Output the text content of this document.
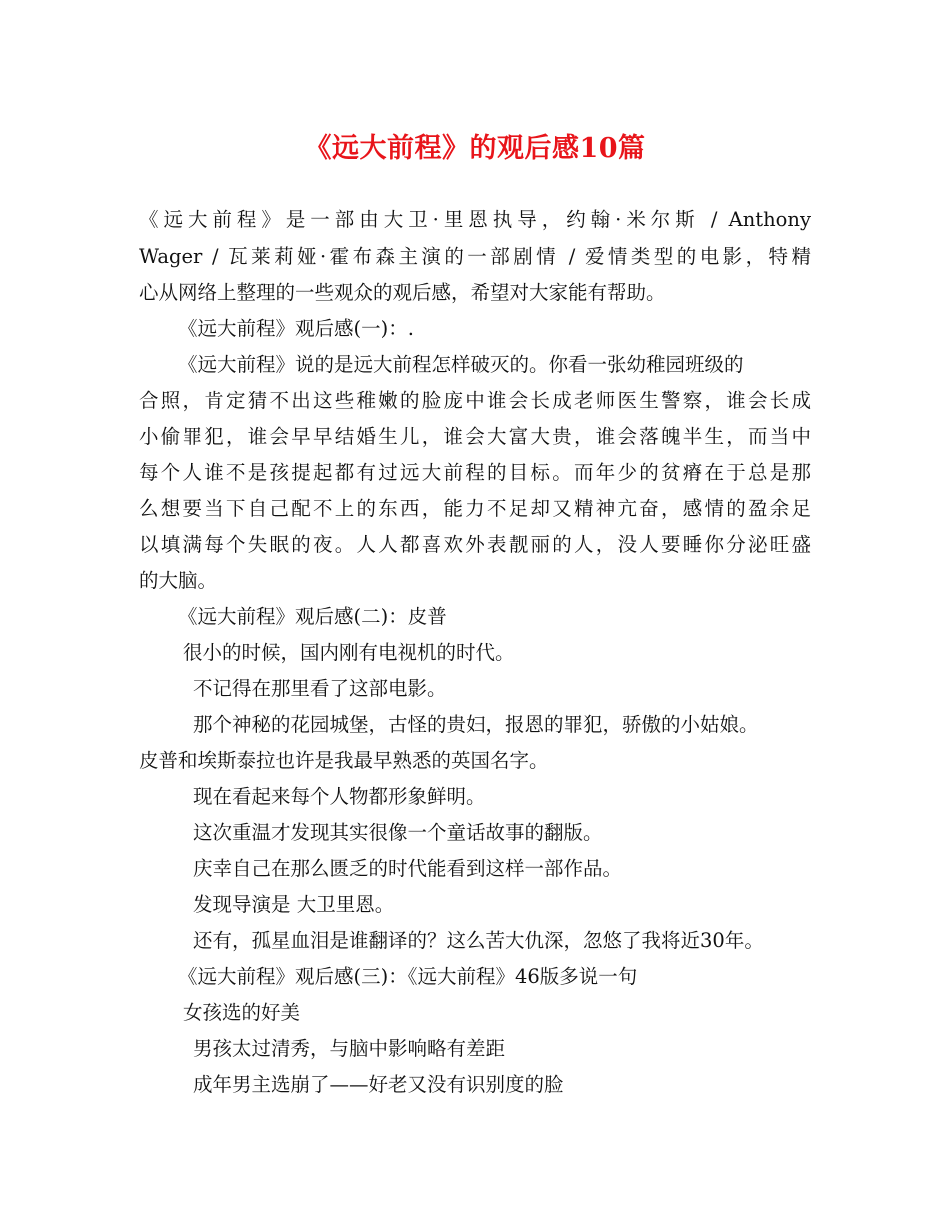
《远大前程》的观后感10篇
《远大前程》是一部由大卫·里恩执导，约翰·米尔斯 / Anthony
Wager / 瓦莱莉娅·霍布森主演的一部剧情 / 爱情类型的电影，特精
心从网络上整理的一些观众的观后感，希望对大家能有帮助。
《远大前程》观后感(一)：.
《远大前程》说的是远大前程怎样破灭的。你看一张幼稚园班级的
合照，肯定猜不出这些稚嫩的脸庞中谁会长成老师医生警察，谁会长成
小偷罪犯，谁会早早结婚生儿，谁会大富大贵，谁会落魄半生，而当中
每个人谁不是孩提起都有过远大前程的目标。而年少的贫瘠在于总是那
么想要当下自己配不上的东西，能力不足却又精神亢奋，感情的盈余足
以填满每个失眠的夜。人人都喜欢外表靓丽的人，没人要睡你分泌旺盛
的大脑。
《远大前程》观后感(二)：皮普
很小的时候，国内刚有电视机的时代。
不记得在那里看了这部电影。
那个神秘的花园城堡，古怪的贵妇，报恩的罪犯，骄傲的小姑娘。
皮普和埃斯泰拉也许是我最早熟悉的英国名字。
现在看起来每个人物都形象鲜明。
这次重温才发现其实很像一个童话故事的翻版。
庆幸自己在那么匮乏的时代能看到这样一部作品。
发现导演是 大卫里恩。
还有，孤星血泪是谁翻译的？这么苦大仇深，忽悠了我将近30年。
《远大前程》观后感(三)：《远大前程》46版多说一句
女孩选的好美
男孩太过清秀，与脑中影响略有差距
成年男主选崩了——好老又没有识别度的脸
